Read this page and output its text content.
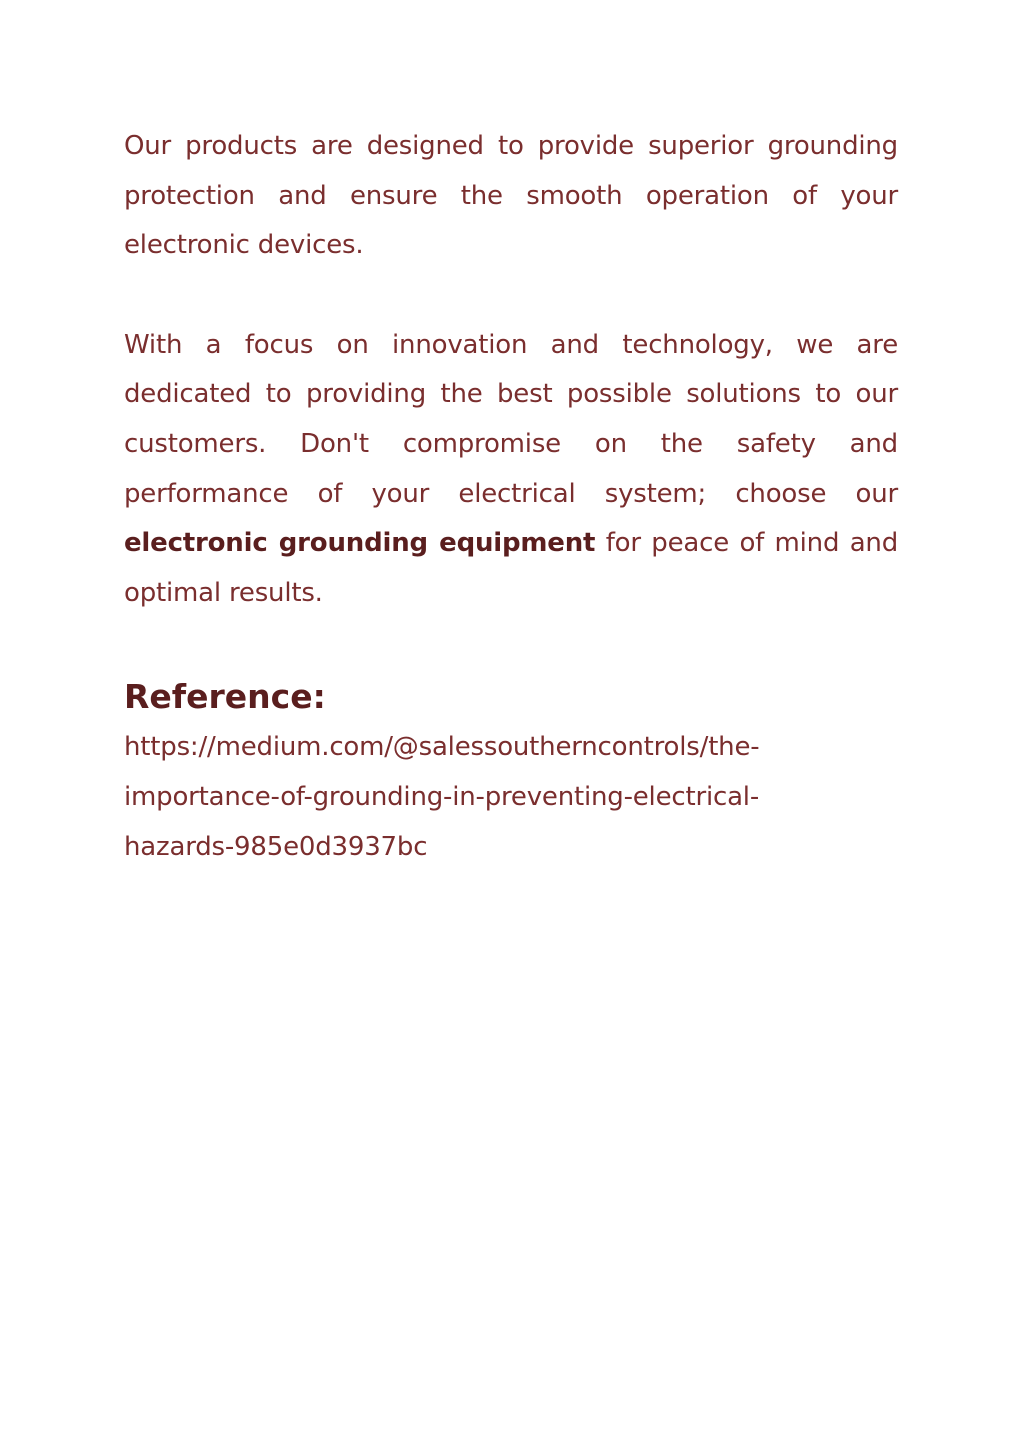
Our products are designed to provide superior grounding protection and ensure the smooth operation of your electronic devices.

With a focus on innovation and technology, we are dedicated to providing the best possible solutions to our customers. Don't compromise on the safety and performance of your electrical system; choose our electronic grounding equipment for peace of mind and optimal results.

Reference:

https://medium.com/@salessoutherncontrols/the-
importance-of-grounding-in-preventing-electrical-
hazards-985e0d3937bc
